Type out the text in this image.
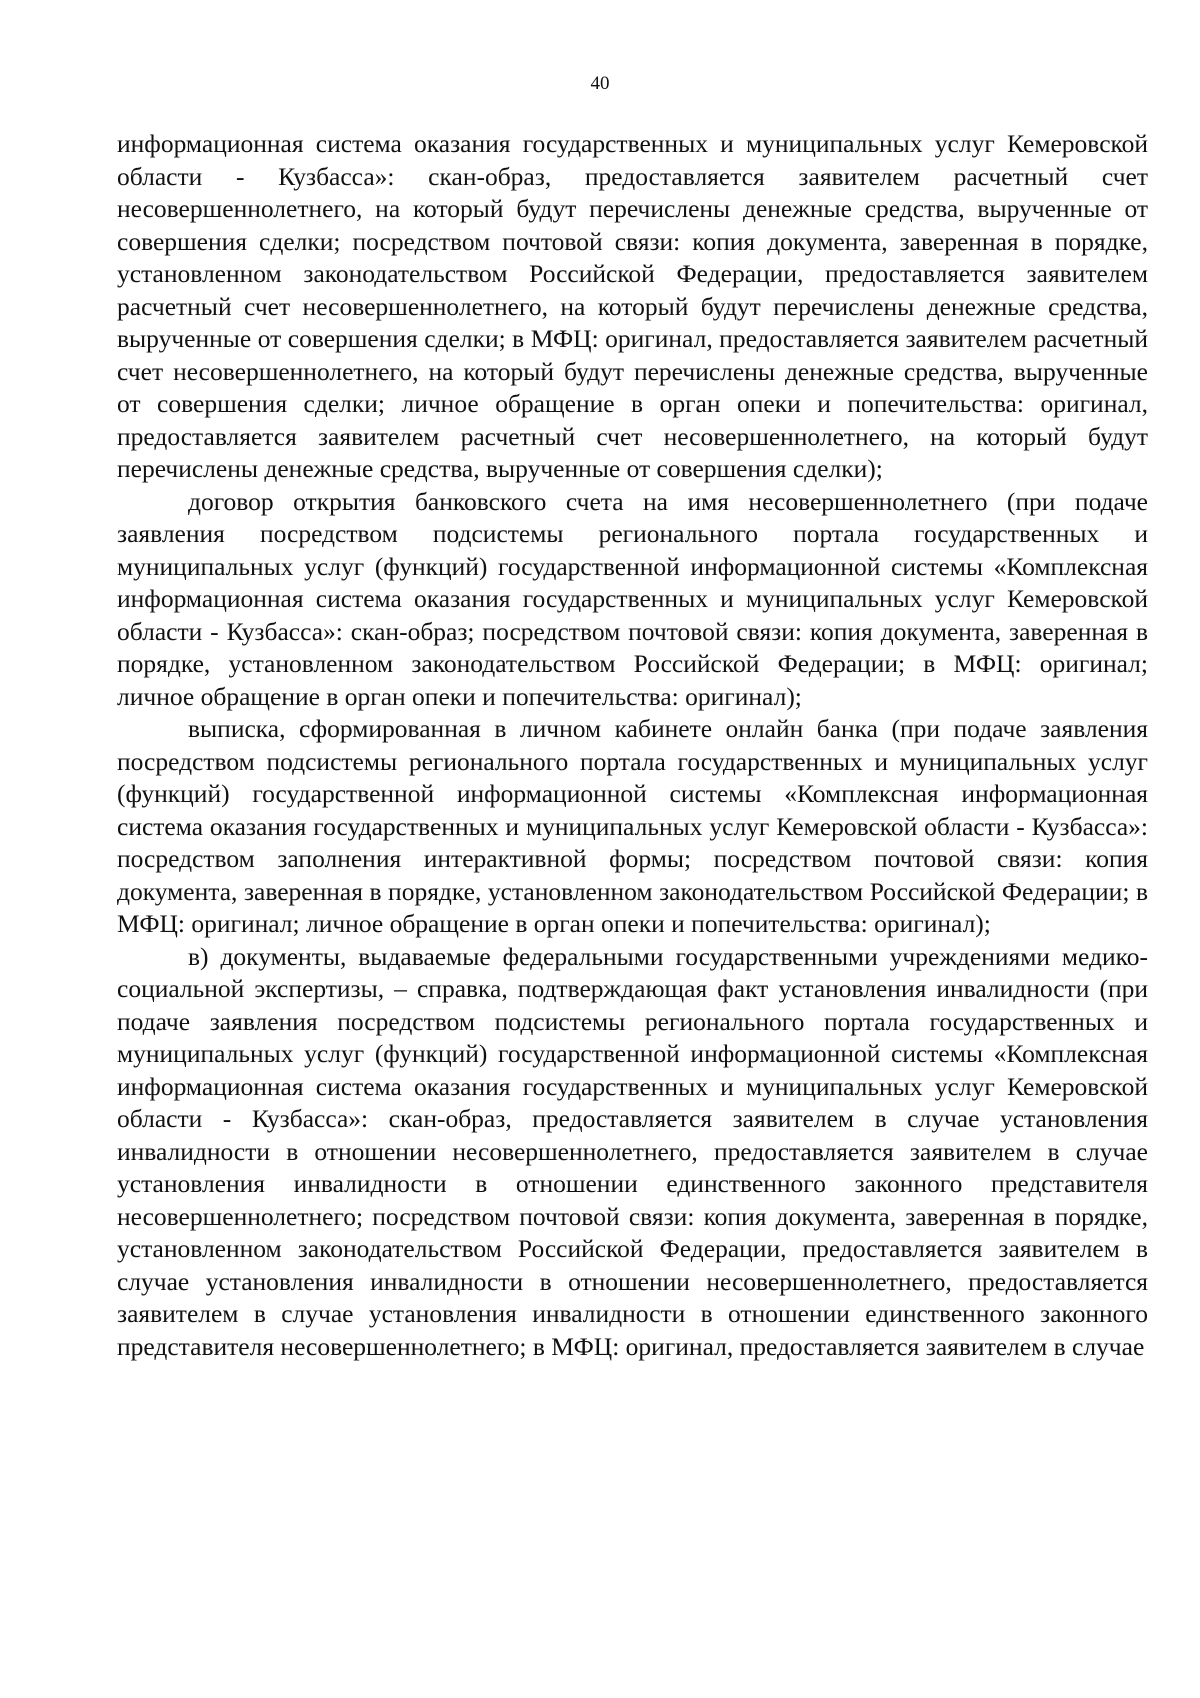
40

информационная система оказания государственных и муниципальных услуг Кемеровской области - Кузбасса»: скан-образ, предоставляется заявителем расчетный счет несовершеннолетнего, на который будут перечислены денежные средства, вырученные от совершения сделки; посредством почтовой связи: копия документа, заверенная в порядке, установленном законодательством Российской Федерации, предоставляется заявителем расчетный счет несовершеннолетнего, на который будут перечислены денежные средства, вырученные от совершения сделки; в МФЦ: оригинал, предоставляется заявителем расчетный счет несовершеннолетнего, на который будут перечислены денежные средства, вырученные от совершения сделки; личное обращение в орган опеки и попечительства: оригинал, предоставляется заявителем расчетный счет несовершеннолетнего, на который будут перечислены денежные средства, вырученные от совершения сделки);

договор открытия банковского счета на имя несовершеннолетнего (при подаче заявления посредством подсистемы регионального портала государственных и муниципальных услуг (функций) государственной информационной системы «Комплексная информационная система оказания государственных и муниципальных услуг Кемеровской области - Кузбасса»: скан-образ; посредством почтовой связи: копия документа, заверенная в порядке, установленном законодательством Российской Федерации; в МФЦ: оригинал; личное обращение в орган опеки и попечительства: оригинал);

выписка, сформированная в личном кабинете онлайн банка (при подаче заявления посредством подсистемы регионального портала государственных и муниципальных услуг (функций) государственной информационной системы «Комплексная информационная система оказания государственных и муниципальных услуг Кемеровской области - Кузбасса»: посредством заполнения интерактивной формы; посредством почтовой связи: копия документа, заверенная в порядке, установленном законодательством Российской Федерации; в МФЦ: оригинал; личное обращение в орган опеки и попечительства: оригинал);

в) документы, выдаваемые федеральными государственными учреждениями медико-социальной экспертизы, – справка, подтверждающая факт установления инвалидности (при подаче заявления посредством подсистемы регионального портала государственных и муниципальных услуг (функций) государственной информационной системы «Комплексная информационная система оказания государственных и муниципальных услуг Кемеровской области - Кузбасса»: скан-образ, предоставляется заявителем в случае установления инвалидности в отношении несовершеннолетнего, предоставляется заявителем в случае установления инвалидности в отношении единственного законного представителя несовершеннолетнего; посредством почтовой связи: копия документа, заверенная в порядке, установленном законодательством Российской Федерации, предоставляется заявителем в случае установления инвалидности в отношении несовершеннолетнего, предоставляется заявителем в случае установления инвалидности в отношении единственного законного представителя несовершеннолетнего; в МФЦ: оригинал, предоставляется заявителем в случае
